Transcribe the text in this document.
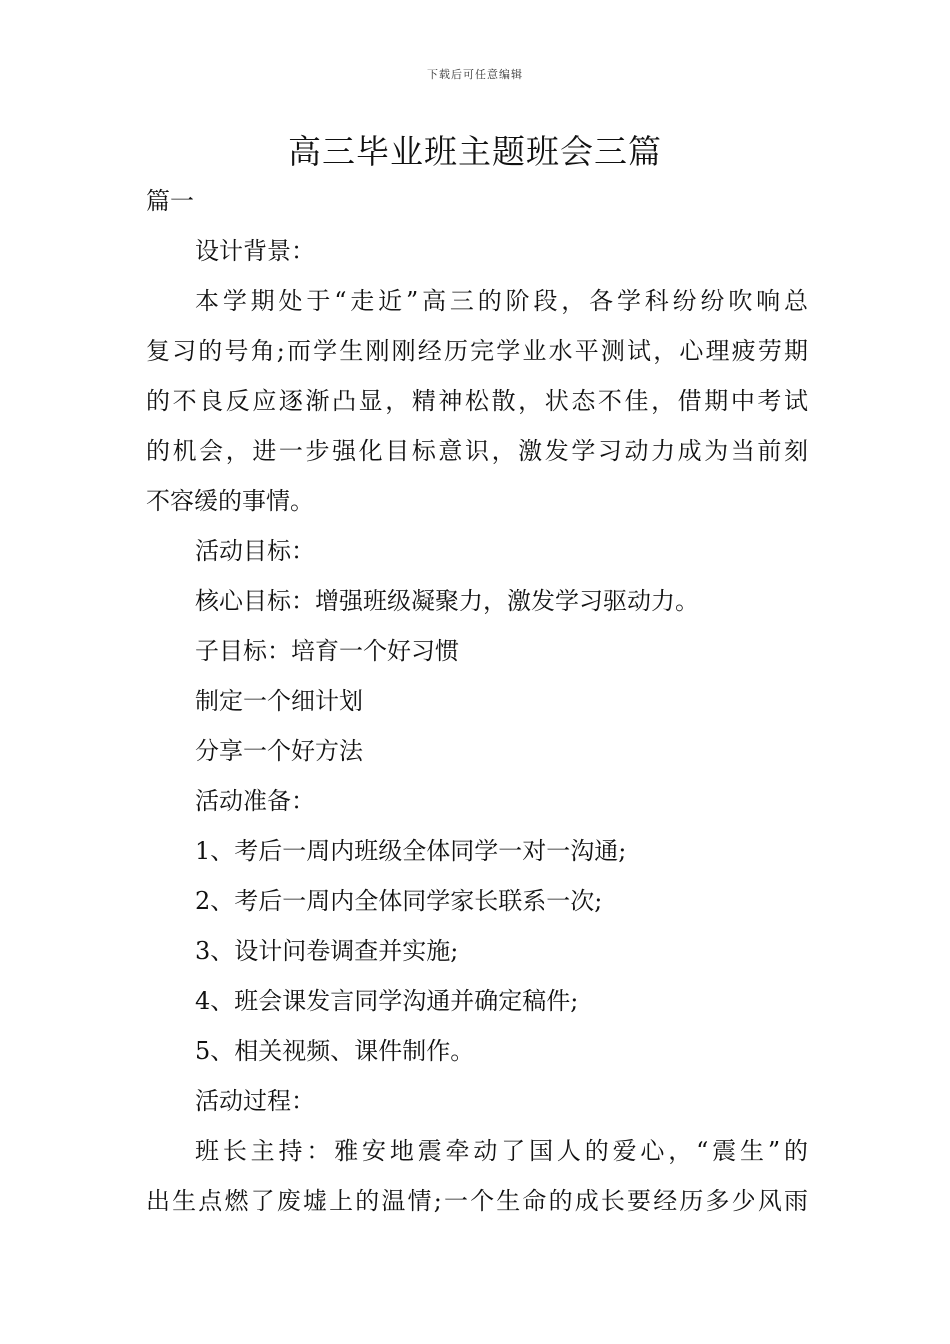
下载后可任意编辑
高三毕业班主题班会三篇
篇一
设计背景：
本学期处于“走近”高三的阶段，各学科纷纷吹响总
复习的号角;而学生刚刚经历完学业水平测试，心理疲劳期
的不良反应逐渐凸显，精神松散，状态不佳，借期中考试
的机会，进一步强化目标意识，激发学习动力成为当前刻
不容缓的事情。
活动目标：
核心目标：增强班级凝聚力，激发学习驱动力。
子目标：培育一个好习惯
制定一个细计划
分享一个好方法
活动准备：
1、考后一周内班级全体同学一对一沟通;
2、考后一周内全体同学家长联系一次;
3、设计问卷调查并实施;
4、班会课发言同学沟通并确定稿件;
5、相关视频、课件制作。
活动过程：
班长主持：雅安地震牵动了国人的爱心，“震生”的
出生点燃了废墟上的温情;一个生命的成长要经历多少风雨
